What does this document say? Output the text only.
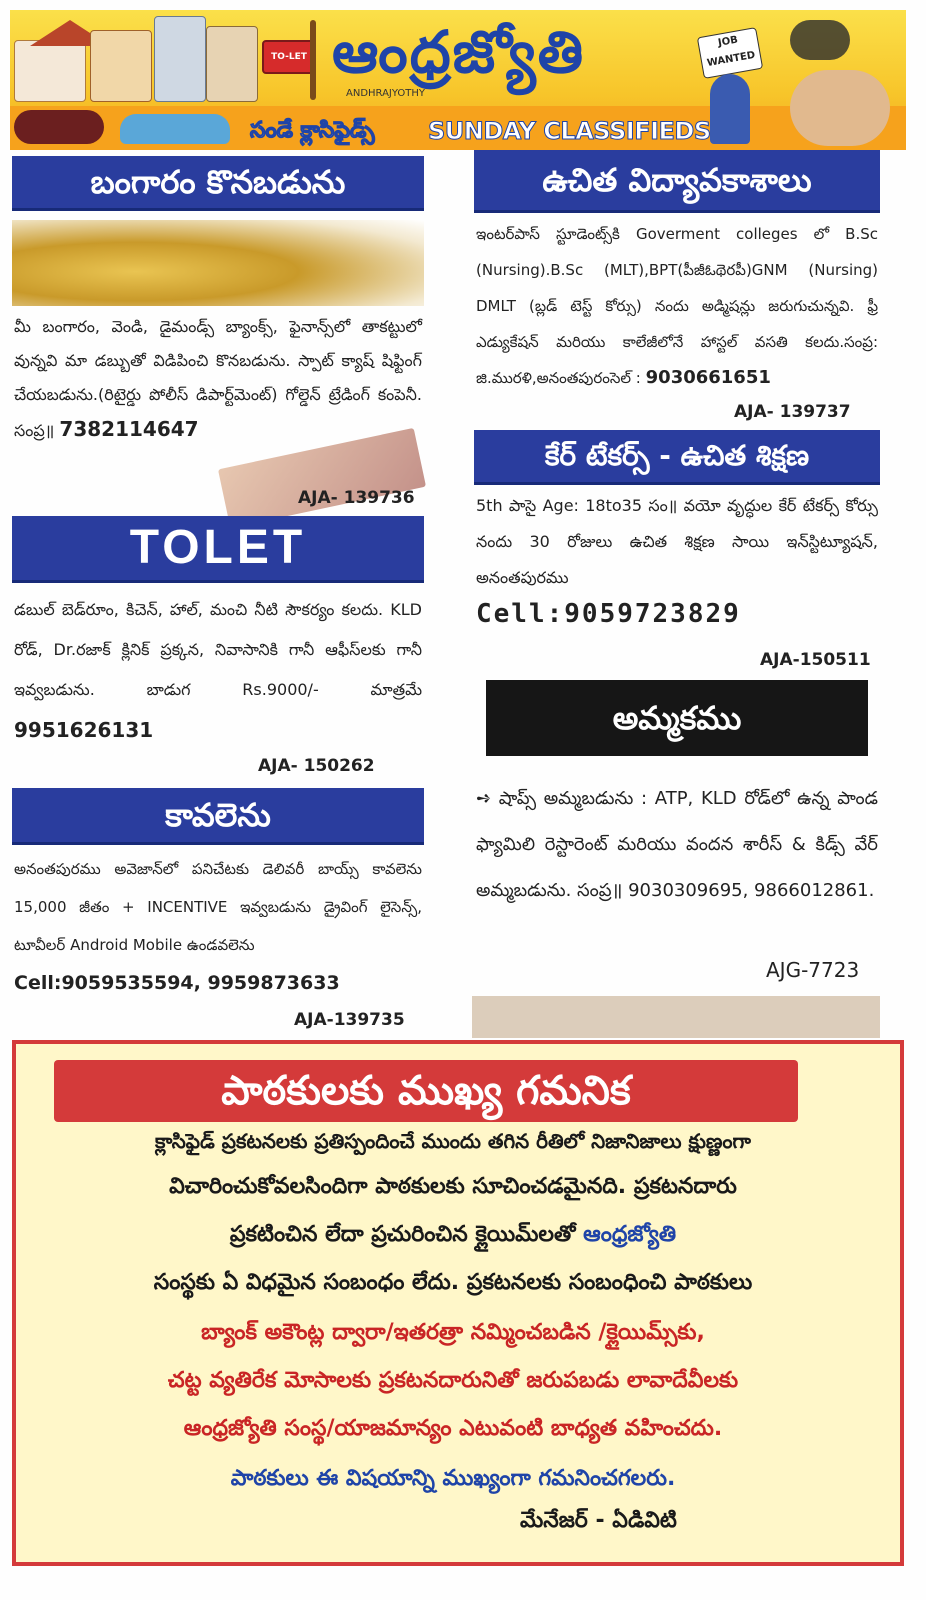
TO-LET
JOB WANTED
ఆంధ్రజ్యోతి
ANDHRAJYOTHY
సండే క్లాసిఫైడ్స్ SUNDAY CLASSIFIEDS
బంగారం కొనబడును
మీ బంగారం, వెండి, డైమండ్స్ బ్యాంక్స్, ఫైనాన్స్‌లో తాకట్టులో వున్నవి మా డబ్బుతో విడిపించి కొనబడును. స్పాట్ క్యాష్ షిఫ్టింగ్ చేయబడును.(రిటైర్డు పోలీస్ డిపార్ట్‌మెంట్) గోల్డెన్ ట్రేడింగ్ కంపెనీ. సంప్ర॥ 7382114647
AJA- 139736
TOLET
డబుల్ బెడ్‌రూం, కిచెన్, హాల్, మంచి నీటి సౌకర్యం కలదు. KLD రోడ్, Dr.రజాక్ క్లినిక్ ప్రక్కన, నివాసానికి గానీ ఆఫీస్‌లకు గానీ ఇవ్వబడును. బాడుగ Rs.9000/- మాత్రమే 9951626131
AJA- 150262
కావలెను
అనంతపురము అవెజాన్‌లో పనిచేటకు డెలివరీ బాయ్స్ కావలెను 15,000 జీతం + INCENTIVE ఇవ్వబడును డ్రైవింగ్ లైసెన్స్, టూవీలర్ Android Mobile ఉండవలెను
Cell:9059535594, 9959873633
AJA-139735
ఉచిత విద్యావకాశాలు
ఇంటర్‌పాస్ స్టూడెంట్స్‌కి Goverment colleges లో B.Sc (Nursing).B.Sc (MLT),BPT(పీజీఓథెరపీ)GNM (Nursing) DMLT (బ్లడ్ టెస్ట్ కోర్సు) నందు అడ్మిషన్లు జరుగుచున్నవి. ఫ్రీ ఎడ్యుకేషన్ మరియు కాలేజీలోనే హాస్టల్ వసతి కలదు.సంప్ర: జి.మురళి,అనంతపురంసెల్ : 9030661651
AJA- 139737
కేర్ టేకర్స్ - ఉచిత శిక్షణ
5th పాసై Age: 18to35 సం॥ వయో వృద్ధుల కేర్ టేకర్స్ కోర్సు నందు 30 రోజులు ఉచిత శిక్షణ సాయి ఇన్‌స్టిట్యూషన్, అనంతపురము
Cell:9059723829
AJA-150511
అమ్మకము
➺ షాప్స్ అమ్మబడును : ATP, KLD రోడ్‌లో ఉన్న పాండ ఫ్యామిలి రెస్టారెంట్ మరియు వందన శారీస్ & కిడ్స్ వేర్ అమ్మబడును. సంప్ర॥ 9030309695, 9866012861.
AJG-7723
పాఠకులకు ముఖ్య గమనిక
క్లాసిఫైడ్ ప్రకటనలకు ప్రతిస్పందించే ముందు తగిన రీతిలో నిజానిజాలు క్షుణ్ణంగా
విచారించుకోవలసిందిగా పాఠకులకు సూచించడమైనది. ప్రకటనదారు
ప్రకటించిన లేదా ప్రచురించిన క్లైయిమ్‌లతో ఆంధ్రజ్యోతి
సంస్థకు ఏ విధమైన సంబంధం లేదు. ప్రకటనలకు సంబంధించి పాఠకులు
బ్యాంక్ అకౌంట్ల ద్వారా/ఇతరత్రా నమ్మించబడిన /క్లైయిమ్స్‌కు,
చట్ట వ్యతిరేక మోసాలకు ప్రకటనదారునితో జరుపబడు లావాదేవీలకు
ఆంధ్రజ్యోతి సంస్థ/యాజమాన్యం ఎటువంటి బాధ్యత వహించదు.
పాఠకులు ఈ విషయాన్ని ముఖ్యంగా గమనించగలరు.
మేనేజర్ - ఏడివిటి
